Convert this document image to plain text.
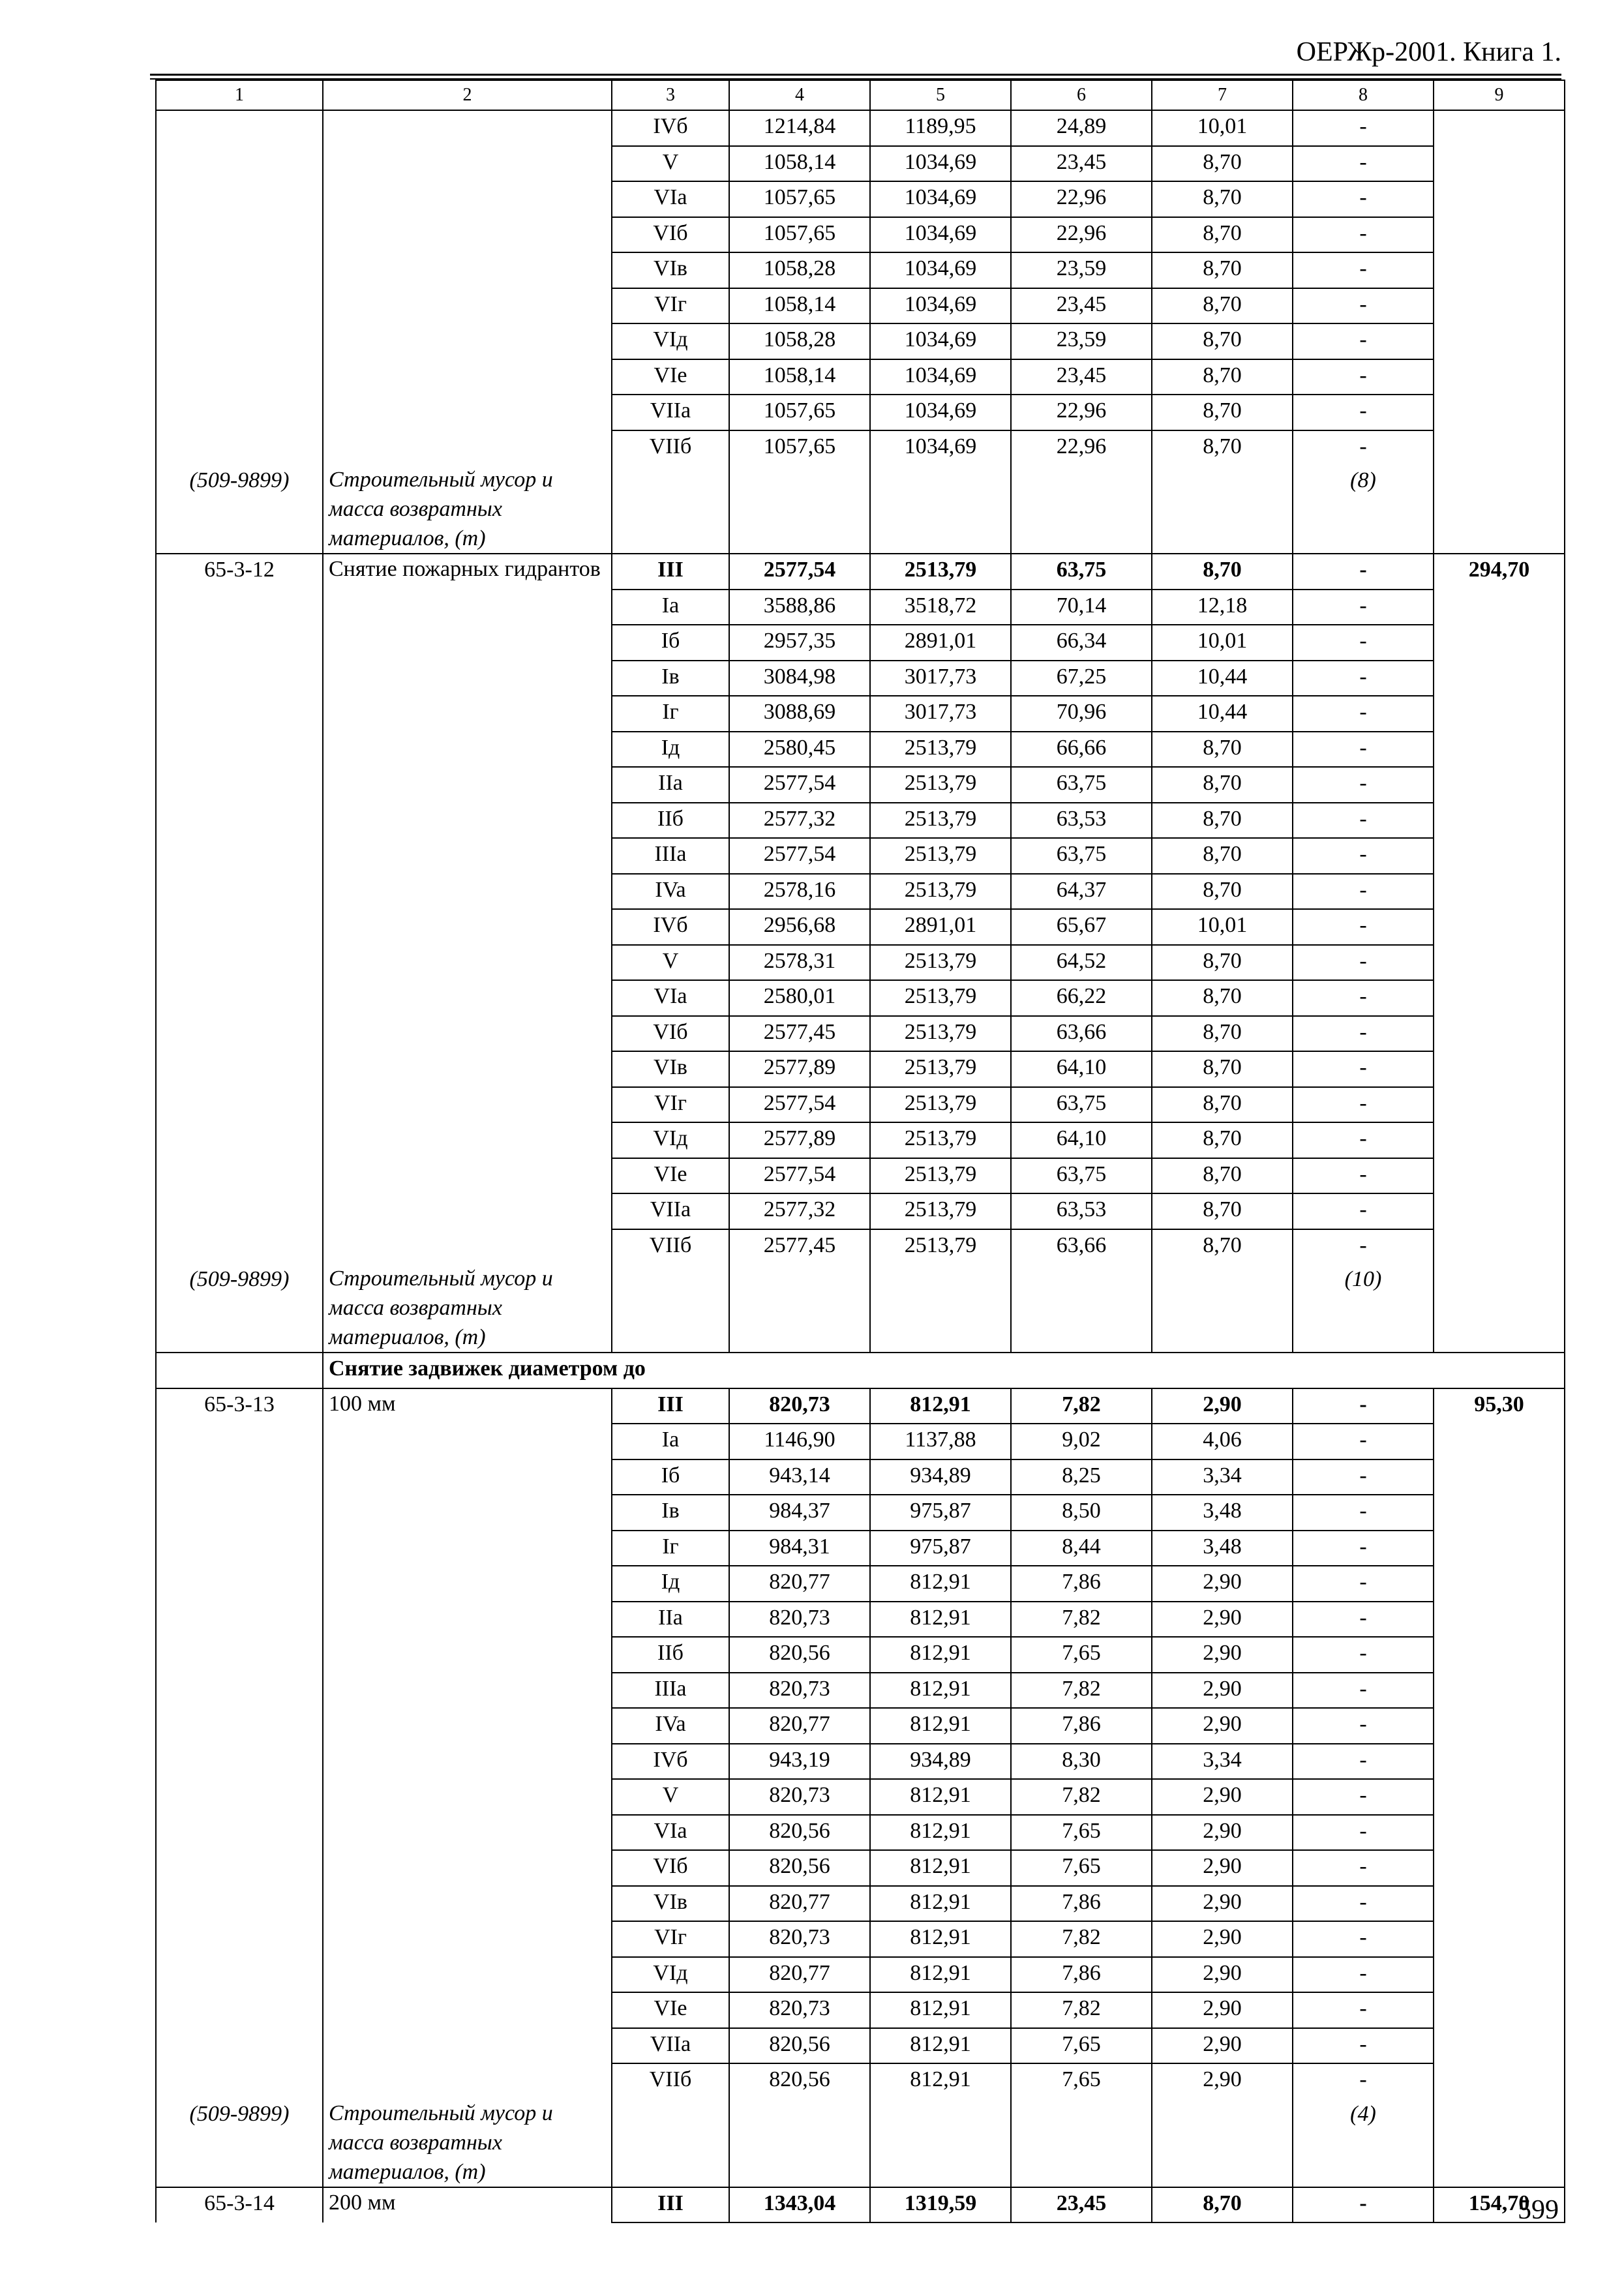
ОЕРЖр-2001. Книга 1.
1	2	3	4	5	6	7	8	9
		IVб	1214,84	1189,95	24,89	10,01	-	
		V	1058,14	1034,69	23,45	8,70	-	
		VIa	1057,65	1034,69	22,96	8,70	-	
		VIб	1057,65	1034,69	22,96	8,70	-	
		VIв	1058,28	1034,69	23,59	8,70	-	
		VIг	1058,14	1034,69	23,45	8,70	-	
		VIд	1058,28	1034,69	23,59	8,70	-	
		VIe	1058,14	1034,69	23,45	8,70	-	
		VIIa	1057,65	1034,69	22,96	8,70	-	
		VIIб	1057,65	1034,69	22,96	8,70	-	
(509-9899)	Строительный мусор и масса возвратных материалов, (т)						(8)	
65-3-12	Снятие пожарных гидрантов	III	2577,54	2513,79	63,75	8,70	-	294,70
		Ia	3588,86	3518,72	70,14	12,18	-	
		Iб	2957,35	2891,01	66,34	10,01	-	
		Iв	3084,98	3017,73	67,25	10,44	-	
		Iг	3088,69	3017,73	70,96	10,44	-	
		Iд	2580,45	2513,79	66,66	8,70	-	
		IIa	2577,54	2513,79	63,75	8,70	-	
		IIб	2577,32	2513,79	63,53	8,70	-	
		IIIa	2577,54	2513,79	63,75	8,70	-	
		IVa	2578,16	2513,79	64,37	8,70	-	
		IVб	2956,68	2891,01	65,67	10,01	-	
		V	2578,31	2513,79	64,52	8,70	-	
		VIa	2580,01	2513,79	66,22	8,70	-	
		VIб	2577,45	2513,79	63,66	8,70	-	
		VIв	2577,89	2513,79	64,10	8,70	-	
		VIг	2577,54	2513,79	63,75	8,70	-	
		VIд	2577,89	2513,79	64,10	8,70	-	
		VIe	2577,54	2513,79	63,75	8,70	-	
		VIIa	2577,32	2513,79	63,53	8,70	-	
		VIIб	2577,45	2513,79	63,66	8,70	-	
(509-9899)	Строительный мусор и масса возвратных материалов, (т)						(10)	
	Снятие задвижек диаметром до							
65-3-13	100 мм	III	820,73	812,91	7,82	2,90	-	95,30
		Ia	1146,90	1137,88	9,02	4,06	-	
		Iб	943,14	934,89	8,25	3,34	-	
		Iв	984,37	975,87	8,50	3,48	-	
		Iг	984,31	975,87	8,44	3,48	-	
		Iд	820,77	812,91	7,86	2,90	-	
		IIa	820,73	812,91	7,82	2,90	-	
		IIб	820,56	812,91	7,65	2,90	-	
		IIIa	820,73	812,91	7,82	2,90	-	
		IVa	820,77	812,91	7,86	2,90	-	
		IVб	943,19	934,89	8,30	3,34	-	
		V	820,73	812,91	7,82	2,90	-	
		VIa	820,56	812,91	7,65	2,90	-	
		VIб	820,56	812,91	7,65	2,90	-	
		VIв	820,77	812,91	7,86	2,90	-	
		VIг	820,73	812,91	7,82	2,90	-	
		VIд	820,77	812,91	7,86	2,90	-	
		VIe	820,73	812,91	7,82	2,90	-	
		VIIa	820,56	812,91	7,65	2,90	-	
		VIIб	820,56	812,91	7,65	2,90	-	
(509-9899)	Строительный мусор и масса возвратных материалов, (т)						(4)	
65-3-14	200 мм	III	1343,04	1319,59	23,45	8,70	-	154,70
599
